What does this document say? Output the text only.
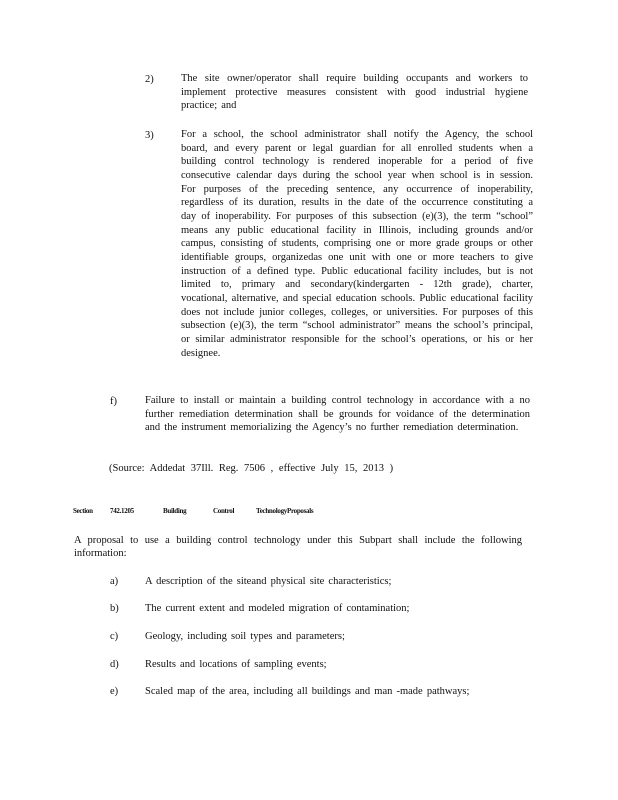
2)	The site owner/operator shall require building occupants and workers to implement protective measures consistent with good industrial hygiene practice; and
3)	For a school, the school administrator shall notify the Agency, the school board, and every parent or legal guardian for all enrolled students when a building control technology is rendered inoperable for a period of five consecutive calendar days during the school year when school is in session. For purposes of the preceding sentence, any occurrence of inoperability, regardless of its duration, results in the date of the occurrence constituting a day of inoperability. For purposes of this subsection (e)(3), the term “school” means any public educational facility in Illinois, including grounds and/or campus, consisting of students, comprising one or more grade groups or other identifiable groups, organizedas one unit with one or more teachers to give instruction of a defined type. Public educational facility includes, but is not limited to, primary and secondary(kindergarten - 12th grade), charter, vocational, alternative, and special education schools. Public educational facility does not include junior colleges, colleges, or universities. For purposes of this subsection (e)(3), the term “school administrator” means the school’s principal, or similar administrator responsible for the school’s operations, or his or her designee.
f)	Failure to install or maintain a building control technology in accordance with a no further remediation determination shall be grounds for voidance of the determination and the instrument memorializing the Agency’s no further remediation determination.
(Source: Addedat 37Ill. Reg. 7506 , effective July 15, 2013 )
Section 742.1205	Building	Control	TechnologyProposals
A proposal to use a building control technology under this Subpart shall include the following information:
a)	A description of the siteand physical site characteristics;
b)	The current extent and modeled migration of contamination;
c)	Geology, including soil types and parameters;
d)	Results and locations of sampling events;
e)	Scaled map of the area, including all buildings and man -made pathways;
